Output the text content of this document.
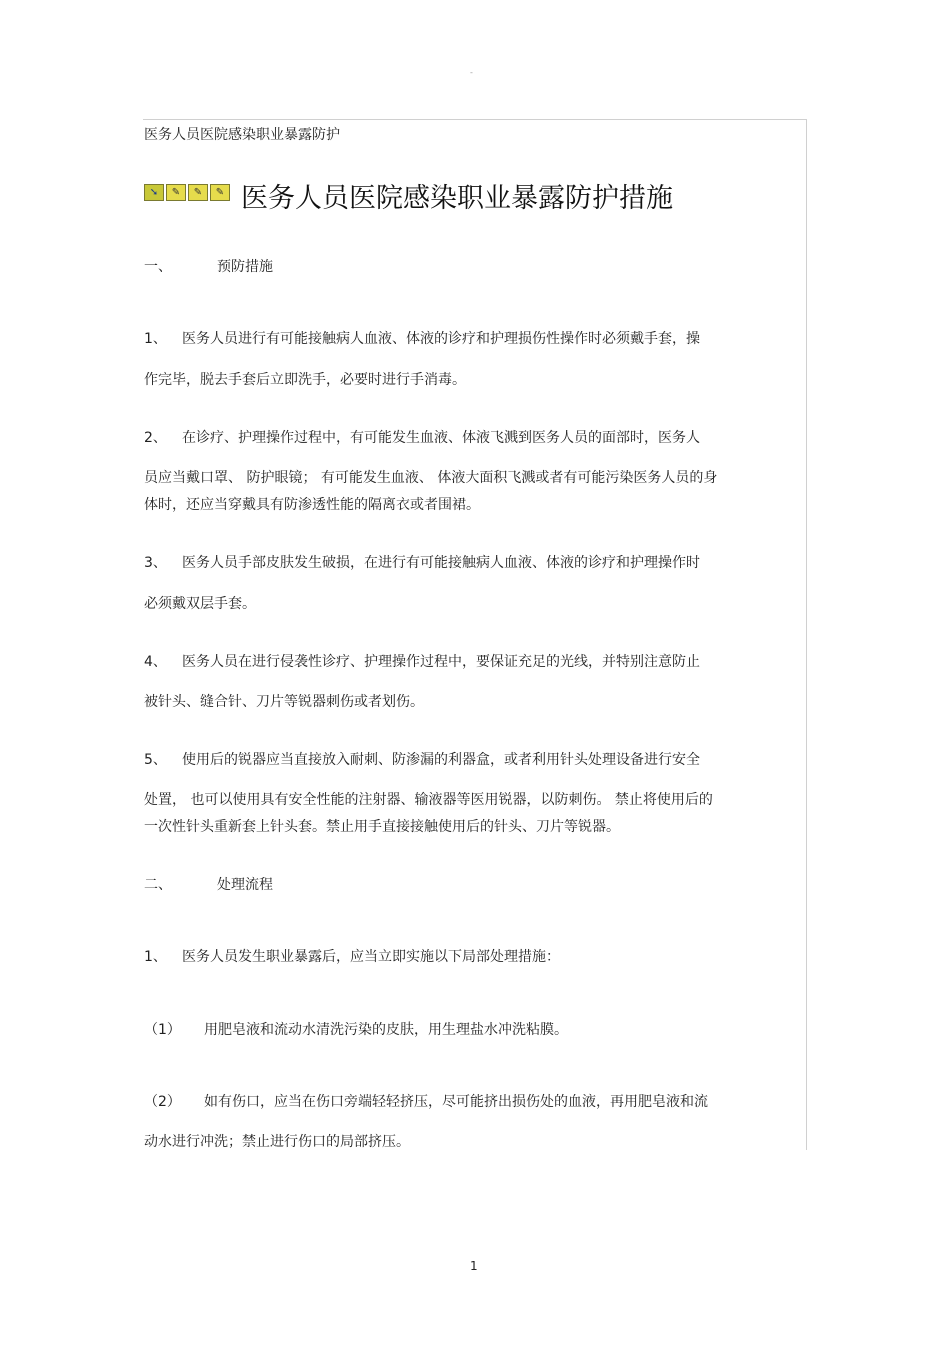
-
医务人员医院感染职业暴露防护
➘	✎	✎	✎ 医务人员医院感染职业暴露防护措施
一、	预防措施
1、 医务人员进行有可能接触病人血液、体液的诊疗和护理损伤性操作时必须戴手套，操
作完毕，脱去手套后立即洗手，必要时进行手消毒。
2、 在诊疗、护理操作过程中，有可能发生血液、体液飞溅到医务人员的面部时，医务人
员应当戴口罩、 防护眼镜； 有可能发生血液、 体液大面积飞溅或者有可能污染医务人员的身
体时，还应当穿戴具有防渗透性能的隔离衣或者围裙。
3、 医务人员手部皮肤发生破损，在进行有可能接触病人血液、体液的诊疗和护理操作时
必须戴双层手套。
4、 医务人员在进行侵袭性诊疗、护理操作过程中，要保证充足的光线，并特别注意防止
被针头、缝合针、刀片等锐器刺伤或者划伤。
5、 使用后的锐器应当直接放入耐刺、防渗漏的利器盒，或者利用针头处理设备进行安全
处置， 也可以使用具有安全性能的注射器、输液器等医用锐器，以防刺伤。 禁止将使用后的
一次性针头重新套上针头套。禁止用手直接接触使用后的针头、刀片等锐器。
二、	处理流程
1、 医务人员发生职业暴露后，应当立即实施以下局部处理措施：
（1） 用肥皂液和流动水清洗污染的皮肤，用生理盐水冲洗粘膜。
（2） 如有伤口，应当在伤口旁端轻轻挤压，尽可能挤出损伤处的血液，再用肥皂液和流
动水进行冲洗；禁止进行伤口的局部挤压。
1
